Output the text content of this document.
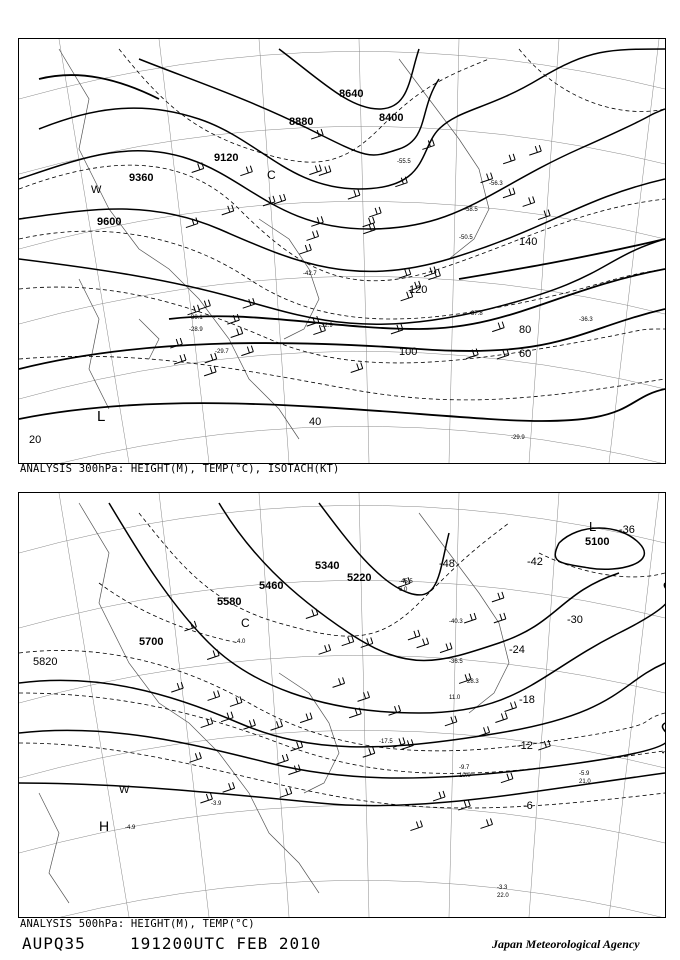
9600
9360
9120
8880
8640
8400
20
40
60
80
100
120
140
L
W
C
-29.9
-29.7
-39.1
-28.9
-32.9
-37.8
-36.3
-42.7
-50.5
-56.3
-58.5
-55.5
ANALYSIS 300hPa: HEIGHT(M), TEMP(°C), ISOTACH(KT)
5820
5700
5580
5460
5340
5220
5100
-6
-12
-18
-24
-30
-36
-42
-48
H
L
W
C
-9.7
-5.9
-3.9
-4.9
-3.3
-17.5
-28.3
-36.5
-40.3
-45.5
10.0
21.0
22.0
6.0
11.0
4.0
ANALYSIS 500hPa: HEIGHT(M), TEMP(°C)
AUPQ35	191200UTC FEB 2010	Japan Meteorological Agency
